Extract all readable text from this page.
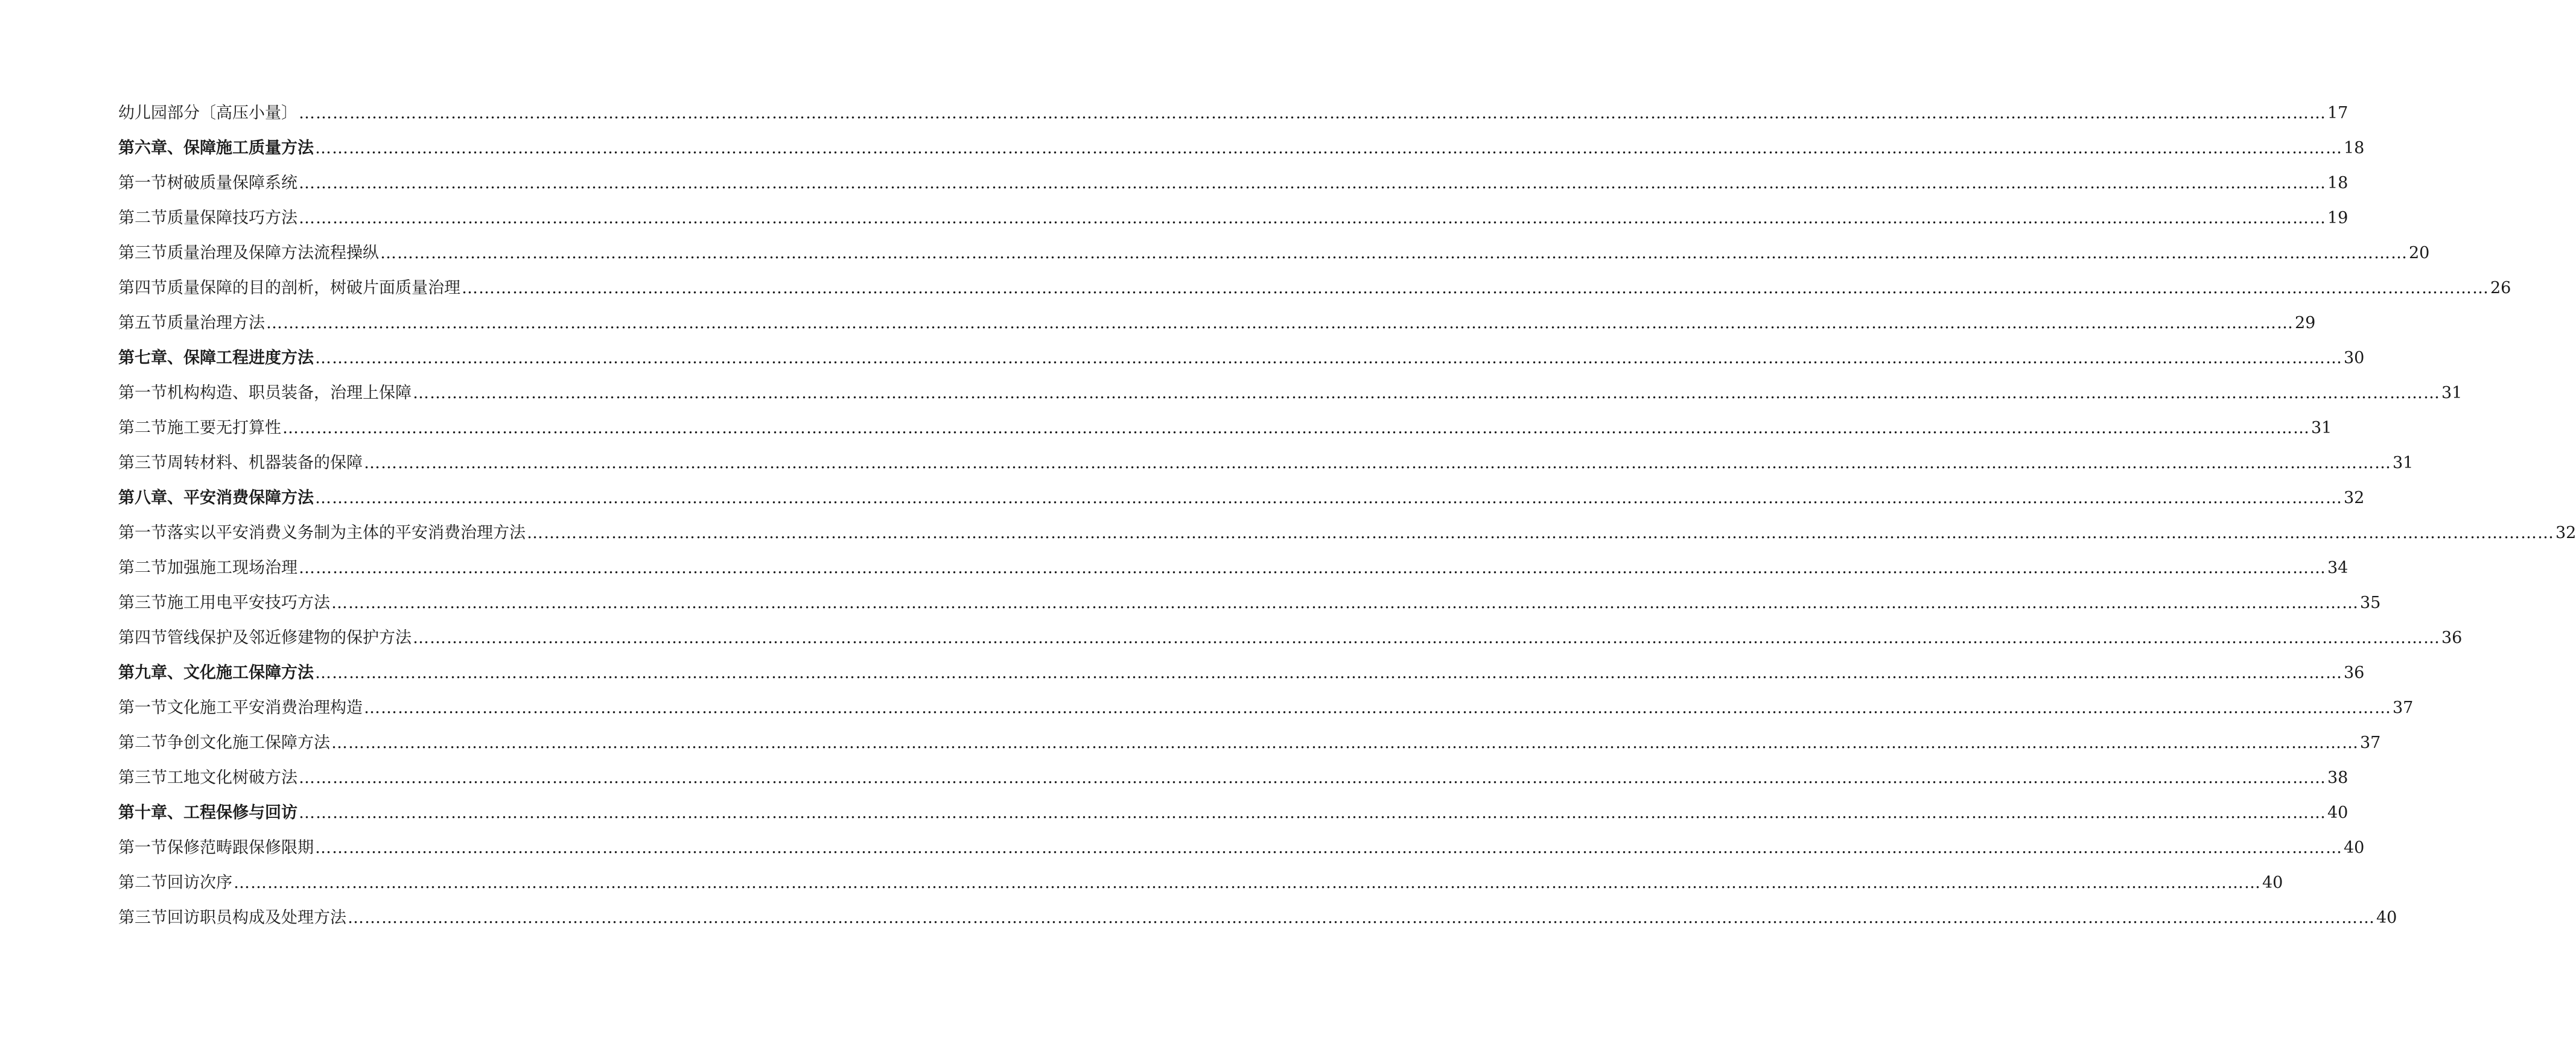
幼儿园部分〔高压小量〕 ……………………………………………………………………………………………………………………………………………………………………………………………………………………………………………………………………………………………………………………………… 17
第六章、保障施工质量方法 ……………………………………………………………………………………………………………………………………………………………………………………………………………………………………………………………………………………………………………………………… 18
第一节树破质量保障系统 ……………………………………………………………………………………………………………………………………………………………………………………………………………………………………………………………………………………………………………………………… 18
第二节质量保障技巧方法 ……………………………………………………………………………………………………………………………………………………………………………………………………………………………………………………………………………………………………………………………… 19
第三节质量治理及保障方法流程操纵 ……………………………………………………………………………………………………………………………………………………………………………………………………………………………………………………………………………………………………………………………… 20
第四节质量保障的目的剖析，树破片面质量治理 ……………………………………………………………………………………………………………………………………………………………………………………………………………………………………………………………………………………………………………………………… 26
第五节质量治理方法 ……………………………………………………………………………………………………………………………………………………………………………………………………………………………………………………………………………………………………………………………… 29
第七章、保障工程进度方法 ……………………………………………………………………………………………………………………………………………………………………………………………………………………………………………………………………………………………………………………………… 30
第一节机构构造、职员装备，治理上保障 ……………………………………………………………………………………………………………………………………………………………………………………………………………………………………………………………………………………………………………………………… 31
第二节施工要无打算性 ……………………………………………………………………………………………………………………………………………………………………………………………………………………………………………………………………………………………………………………………… 31
第三节周转材料、机器装备的保障 ……………………………………………………………………………………………………………………………………………………………………………………………………………………………………………………………………………………………………………………………… 31
第八章、平安消费保障方法 ……………………………………………………………………………………………………………………………………………………………………………………………………………………………………………………………………………………………………………………………… 32
第一节落实以平安消费义务制为主体的平安消费治理方法 ……………………………………………………………………………………………………………………………………………………………………………………………………………………………………………………………………………………………………………………………… 32
第二节加强施工现场治理 ……………………………………………………………………………………………………………………………………………………………………………………………………………………………………………………………………………………………………………………………… 34
第三节施工用电平安技巧方法 ……………………………………………………………………………………………………………………………………………………………………………………………………………………………………………………………………………………………………………………………… 35
第四节管线保护及邻近修建物的保护方法 ……………………………………………………………………………………………………………………………………………………………………………………………………………………………………………………………………………………………………………………………… 36
第九章、文化施工保障方法 ……………………………………………………………………………………………………………………………………………………………………………………………………………………………………………………………………………………………………………………………… 36
第一节文化施工平安消费治理构造 ……………………………………………………………………………………………………………………………………………………………………………………………………………………………………………………………………………………………………………………………… 37
第二节争创文化施工保障方法 ……………………………………………………………………………………………………………………………………………………………………………………………………………………………………………………………………………………………………………………………… 37
第三节工地文化树破方法 ……………………………………………………………………………………………………………………………………………………………………………………………………………………………………………………………………………………………………………………………… 38
第十章、工程保修与回访 ……………………………………………………………………………………………………………………………………………………………………………………………………………………………………………………………………………………………………………………………… 40
第一节保修范畴跟保修限期 ……………………………………………………………………………………………………………………………………………………………………………………………………………………………………………………………………………………………………………………………… 40
第二节回访次序 ……………………………………………………………………………………………………………………………………………………………………………………………………………………………………………………………………………………………………………………………… 40
第三节回访职员构成及处理方法 ……………………………………………………………………………………………………………………………………………………………………………………………………………………………………………………………………………………………………………………………… 40
